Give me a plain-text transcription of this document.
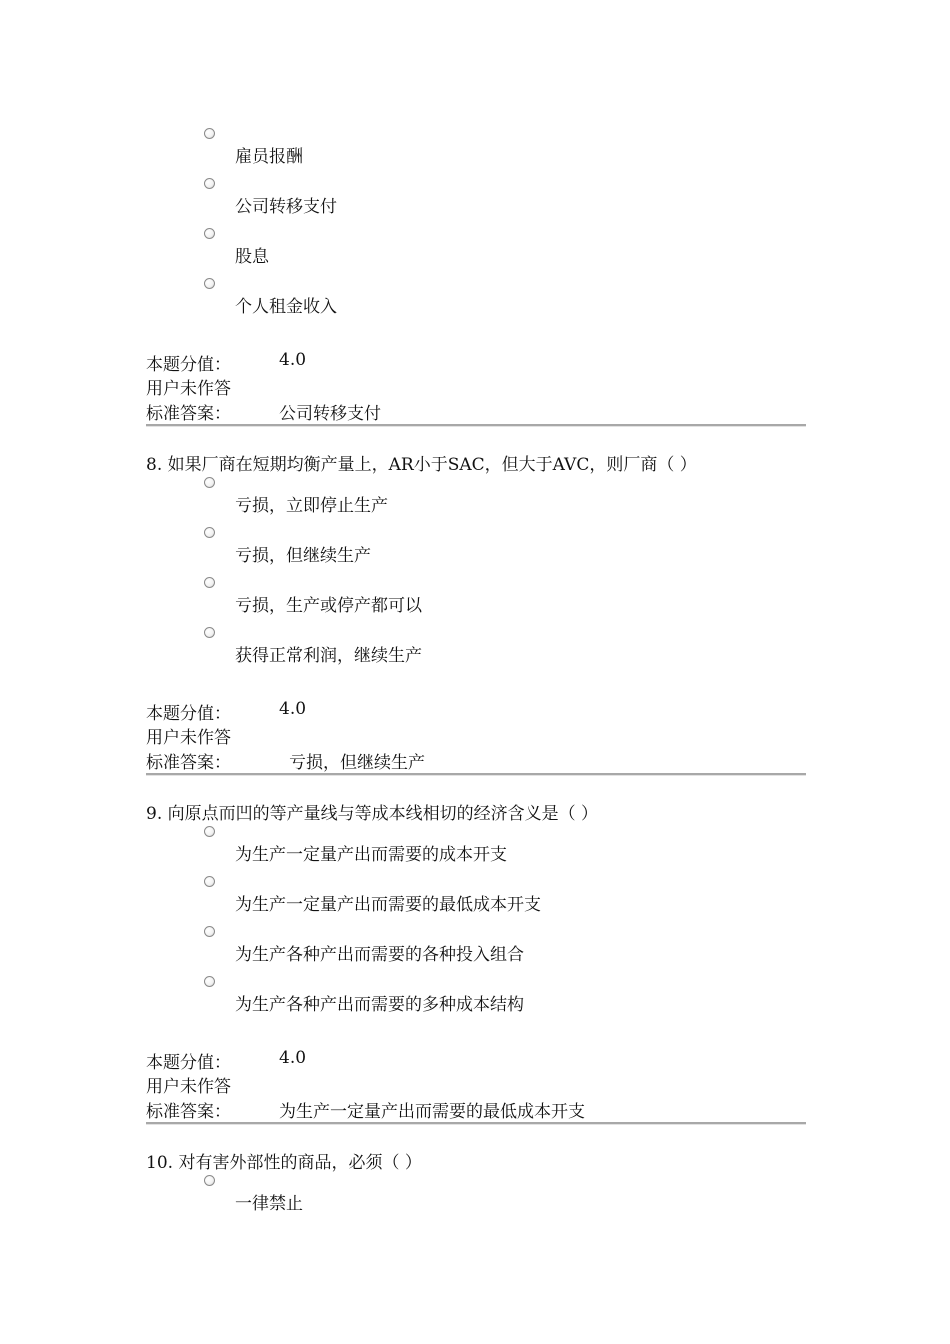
雇员报酬
公司转移支付
股息
个人租金收入
本题分值：	4.0
用户未作答
标准答案：	公司转移支付
8. 如果厂商在短期均衡产量上，AR小于SAC，但大于AVC，则厂商（ ）
亏损，立即停止生产
亏损，但继续生产
亏损，生产或停产都可以
获得正常利润，继续生产
本题分值：	4.0
用户未作答
标准答案：	亏损，但继续生产
9. 向原点而凹的等产量线与等成本线相切的经济含义是（ ）
为生产一定量产出而需要的成本开支
为生产一定量产出而需要的最低成本开支
为生产各种产出而需要的各种投入组合
为生产各种产出而需要的多种成本结构
本题分值：	4.0
用户未作答
标准答案：	为生产一定量产出而需要的最低成本开支
10. 对有害外部性的商品，必须（ ）
一律禁止
